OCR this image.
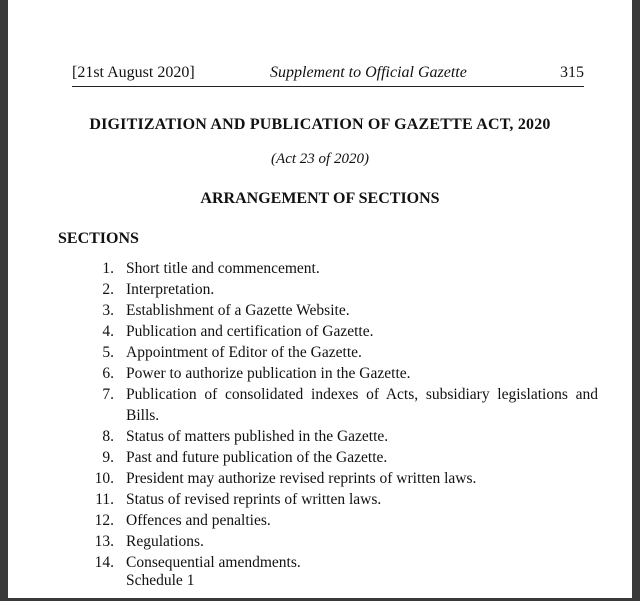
[21st August 2020]	Supplement to Official Gazette	315
DIGITIZATION AND PUBLICATION OF GAZETTE ACT, 2020
(Act 23 of 2020)
ARRANGEMENT OF SECTIONS
SECTIONS
1. Short title and commencement.
2. Interpretation.
3. Establishment of a Gazette Website.
4. Publication and certification of Gazette.
5. Appointment of Editor of the Gazette.
6. Power to authorize publication in the Gazette.
7. Publication of consolidated indexes of Acts, subsidiary legislations and Bills.
8. Status of matters published in the Gazette.
9. Past and future publication of the Gazette.
10. President may authorize revised reprints of written laws.
11. Status of revised reprints of written laws.
12. Offences and penalties.
13. Regulations.
14. Consequential amendments.
Schedule 1
